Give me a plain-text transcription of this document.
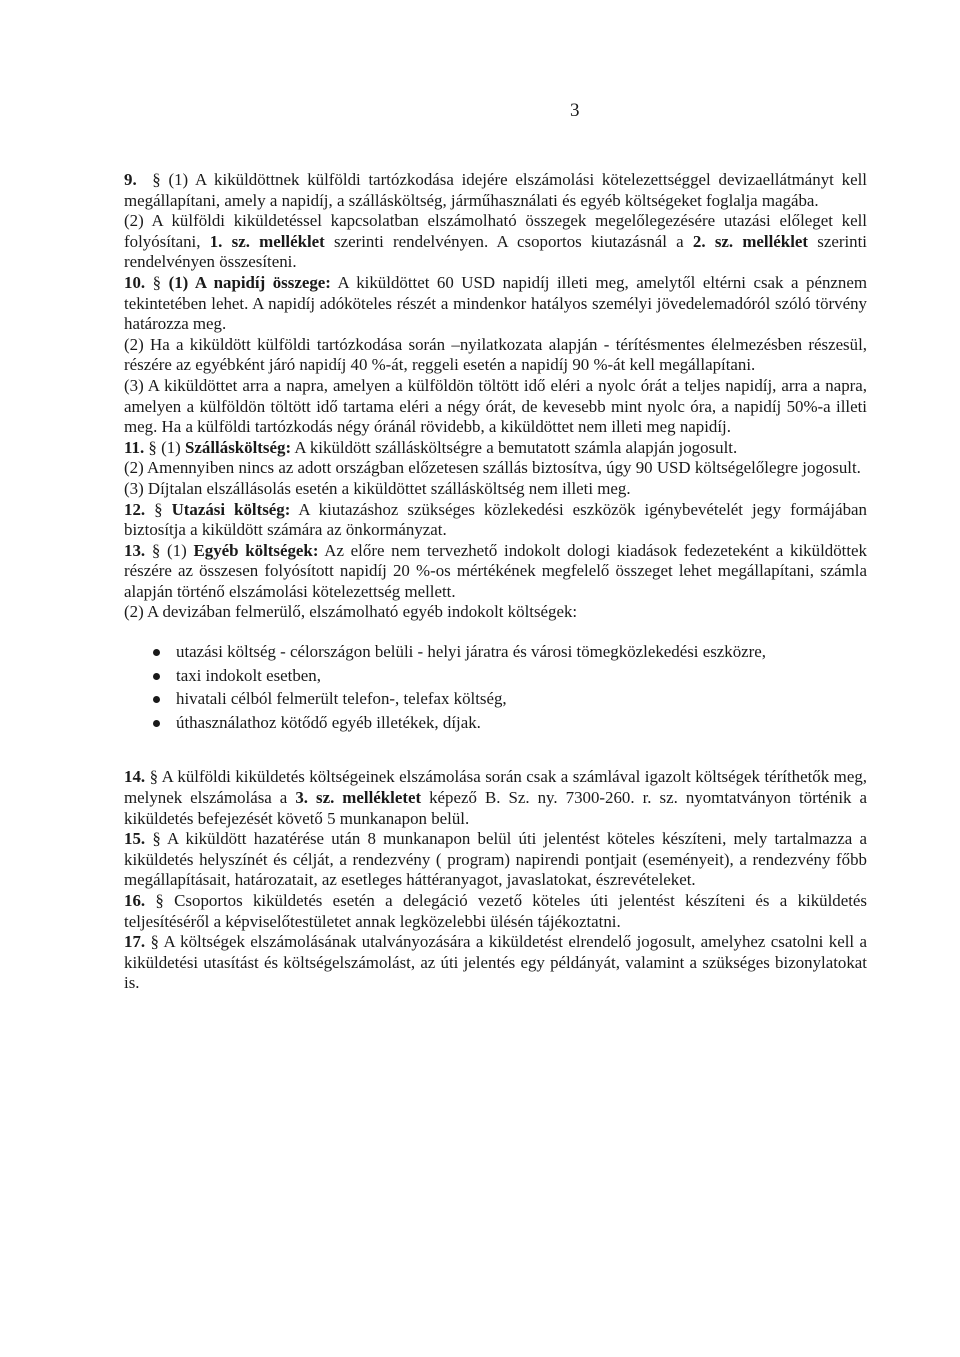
3

9. § (1) A kiküldöttnek külföldi tartózkodása idejére elszámolási kötelezettséggel devizaellátmányt kell megállapítani, amely a napidíj, a szállásköltség, járműhasználati és egyéb költségeket foglalja magába.

(2) A külföldi kiküldetéssel kapcsolatban elszámolható összegek megelőlegezésére utazási előleget kell folyósítani, 1. sz. melléklet szerinti rendelvényen. A csoportos kiutazásnál a 2. sz. melléklet szerinti rendelvényen összesíteni.

10. § (1) A napidíj összege: A kiküldöttet 60 USD napidíj illeti meg, amelytől eltérni csak a pénznem tekintetében lehet. A napidíj adóköteles részét a mindenkor hatályos személyi jövedelemadóról szóló törvény határozza meg.

(2) Ha a kiküldött külföldi tartózkodása során –nyilatkozata alapján - térítésmentes élelmezésben részesül, részére az egyébként járó napidíj 40 %-át, reggeli esetén a napidíj 90 %-át kell megállapítani.

(3) A kiküldöttet arra a napra, amelyen a külföldön töltött idő eléri a nyolc órát a teljes napidíj, arra a napra, amelyen a külföldön töltött idő tartama eléri a négy órát, de kevesebb mint nyolc óra, a napidíj 50%-a illeti meg. Ha a külföldi tartózkodás négy óránál rövidebb, a kiküldöttet nem illeti meg napidíj.

11. § (1) Szállásköltség: A kiküldött szállásköltségre a bemutatott számla alapján jogosult.

(2) Amennyiben nincs az adott országban előzetesen szállás biztosítva, úgy 90 USD költségelőlegre jogosult.

(3) Díjtalan elszállásolás esetén a kiküldöttet szállásköltség nem illeti meg.

12. § Utazási költség: A kiutazáshoz szükséges közlekedési eszközök igénybevételét jegy formájában biztosítja a kiküldött számára az önkormányzat.

13. § (1) Egyéb költségek: Az előre nem tervezhető indokolt dologi kiadások fedezeteként a kiküldöttek részére az összesen folyósított napidíj 20 %-os mértékének megfelelő összeget lehet megállapítani, számla alapján történő elszámolási kötelezettség mellett.

(2) A devizában felmerülő, elszámolható egyéb indokolt költségek:

utazási költség - célországon belüli - helyi járatra és városi tömegközlekedési eszközre,
taxi indokolt esetben,
hivatali célból felmerült telefon-, telefax költség,
úthasználathoz kötődő egyéb illetékek, díjak.

14. § A külföldi kiküldetés költségeinek elszámolása során csak a számlával igazolt költségek téríthetők meg, melynek elszámolása a 3. sz. mellékletet képező B. Sz. ny. 7300-260. r. sz. nyomtatványon történik a kiküldetés befejezését követő 5 munkanapon belül.

15. § A kiküldött hazatérése után 8 munkanapon belül úti jelentést köteles készíteni, mely tartalmazza a kiküldetés helyszínét és célját, a rendezvény ( program) napirendi pontjait (eseményeit), a rendezvény főbb megállapításait, határozatait, az esetleges háttéranyagot, javaslatokat, észrevételeket.

16. § Csoportos kiküldetés esetén a delegáció vezető köteles úti jelentést készíteni és a kiküldetés teljesítéséről a képviselőtestületet annak legközelebbi ülésén tájékoztatni.

17. § A költségek elszámolásának utalványozására a kiküldetést elrendelő jogosult, amelyhez csatolni kell a kiküldetési utasítást és költségelszámolást, az úti jelentés egy példányát, valamint a szükséges bizonylatokat is.
